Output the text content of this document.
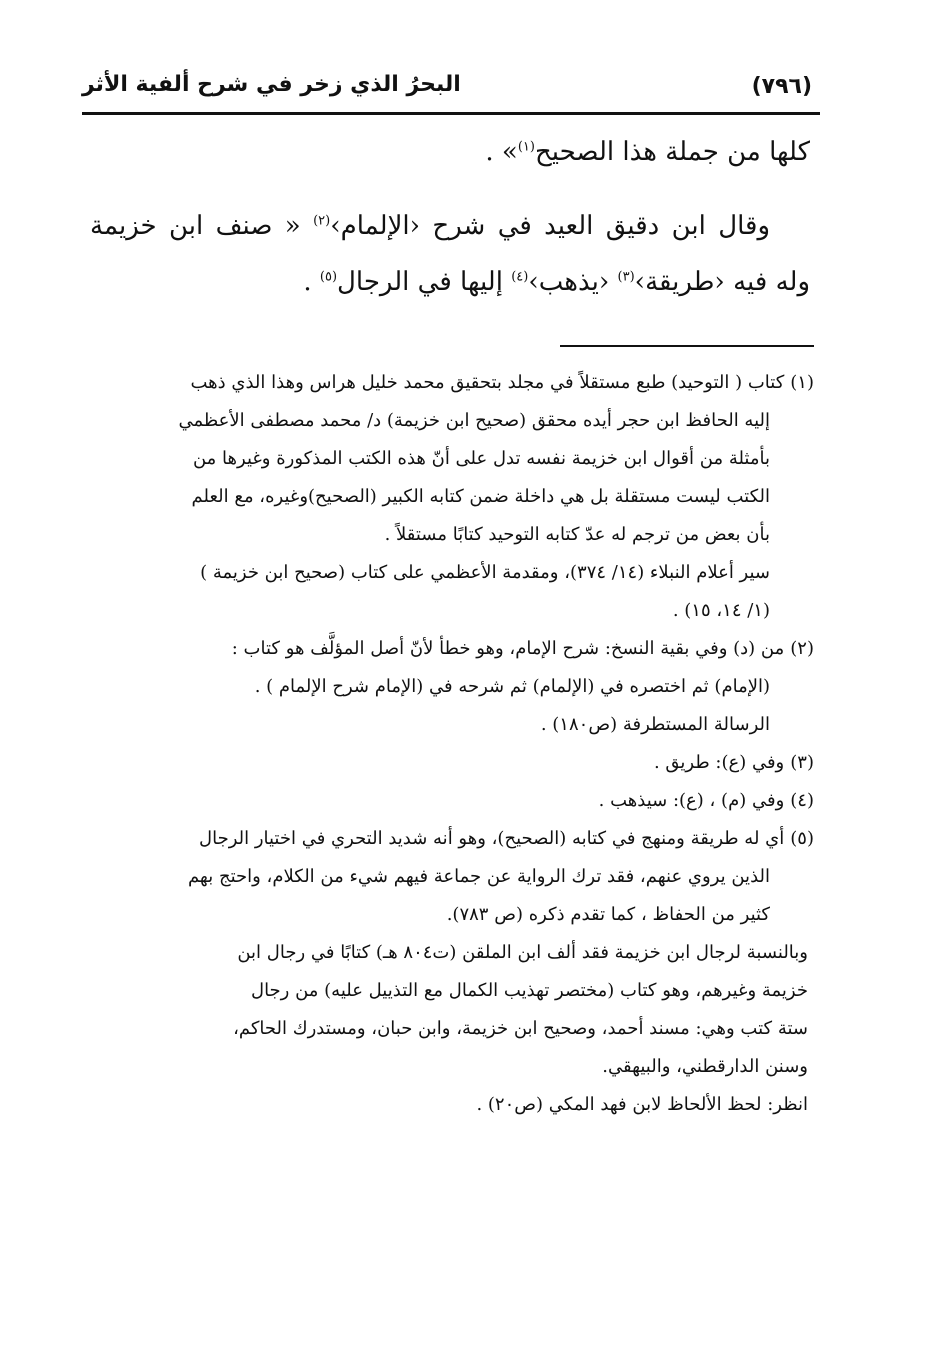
(٧٩٦)
البحرُ الذي زخر في شرح ألفية الأثر

كلها من جملة هذا الصحيح$^{(١)}$» .

وقال ابن دقيق العيد في شرح ‹الإلمام›$^{(٢)}$ « صنف ابن خزيمة وله فيه ‹طريقة›$^{(٣)}$ ‹يذهب›$^{(٤)}$ إليها في الرجال$^{(٥)}$ .

(١)كتاب ( التوحيد) طبع مستقلاً في مجلد بتحقيق محمد خليل هراس وهذا الذي ذهب
إليه الحافظ ابن حجر أيده محقق (صحيح ابن خزيمة) د/ محمد مصطفى الأعظمي
بأمثلة من أقوال ابن خزيمة نفسه تدل على أنّ هذه الكتب المذكورة وغيرها من
الكتب ليست مستقلة بل هي داخلة ضمن كتابه الكبير (الصحيح)وغيره، مع العلم
بأن بعض من ترجم له عدّ كتابه التوحيد كتابًا مستقلاً .
سير أعلام النبلاء (١٤/ ٣٧٤)، ومقدمة الأعظمي على كتاب (صحيح ابن خزيمة )
(١/ ١٤، ١٥) .
(٢)من (د) وفي بقية النسخ: شرح الإمام، وهو خطأ لأنّ أصل المؤلَّف هو كتاب :
(الإمام) ثم اختصره في (الإلمام) ثم شرحه في (الإمام شرح الإلمام ) .
الرسالة المستطرفة (ص١٨٠) .
(٣)وفي (ع): طريق .
(٤)وفي (م) ، (ع): سيذهب .
(٥)أي له طريقة ومنهج في كتابه (الصحيح)، وهو أنه شديد التحري في اختيار الرجال
الذين يروي عنهم، فقد ترك الرواية عن جماعة فيهم شيء من الكلام، واحتج بهم
كثير من الحفاظ ، كما تقدم ذكره (ص ٧٨٣).
وبالنسبة لرجال ابن خزيمة فقد ألف ابن الملقن (ت٨٠٤ هـ) كتابًا في رجال ابن
خزيمة وغيرهم، وهو كتاب (مختصر تهذيب الكمال مع التذييل عليه) من رجال
ستة كتب وهي: مسند أحمد، وصحيح ابن خزيمة، وابن حبان، ومستدرك الحاكم،
وسنن الدارقطني، والبيهقي.
انظر: لحظ الألحاظ لابن فهد المكي (ص٢٠) .
